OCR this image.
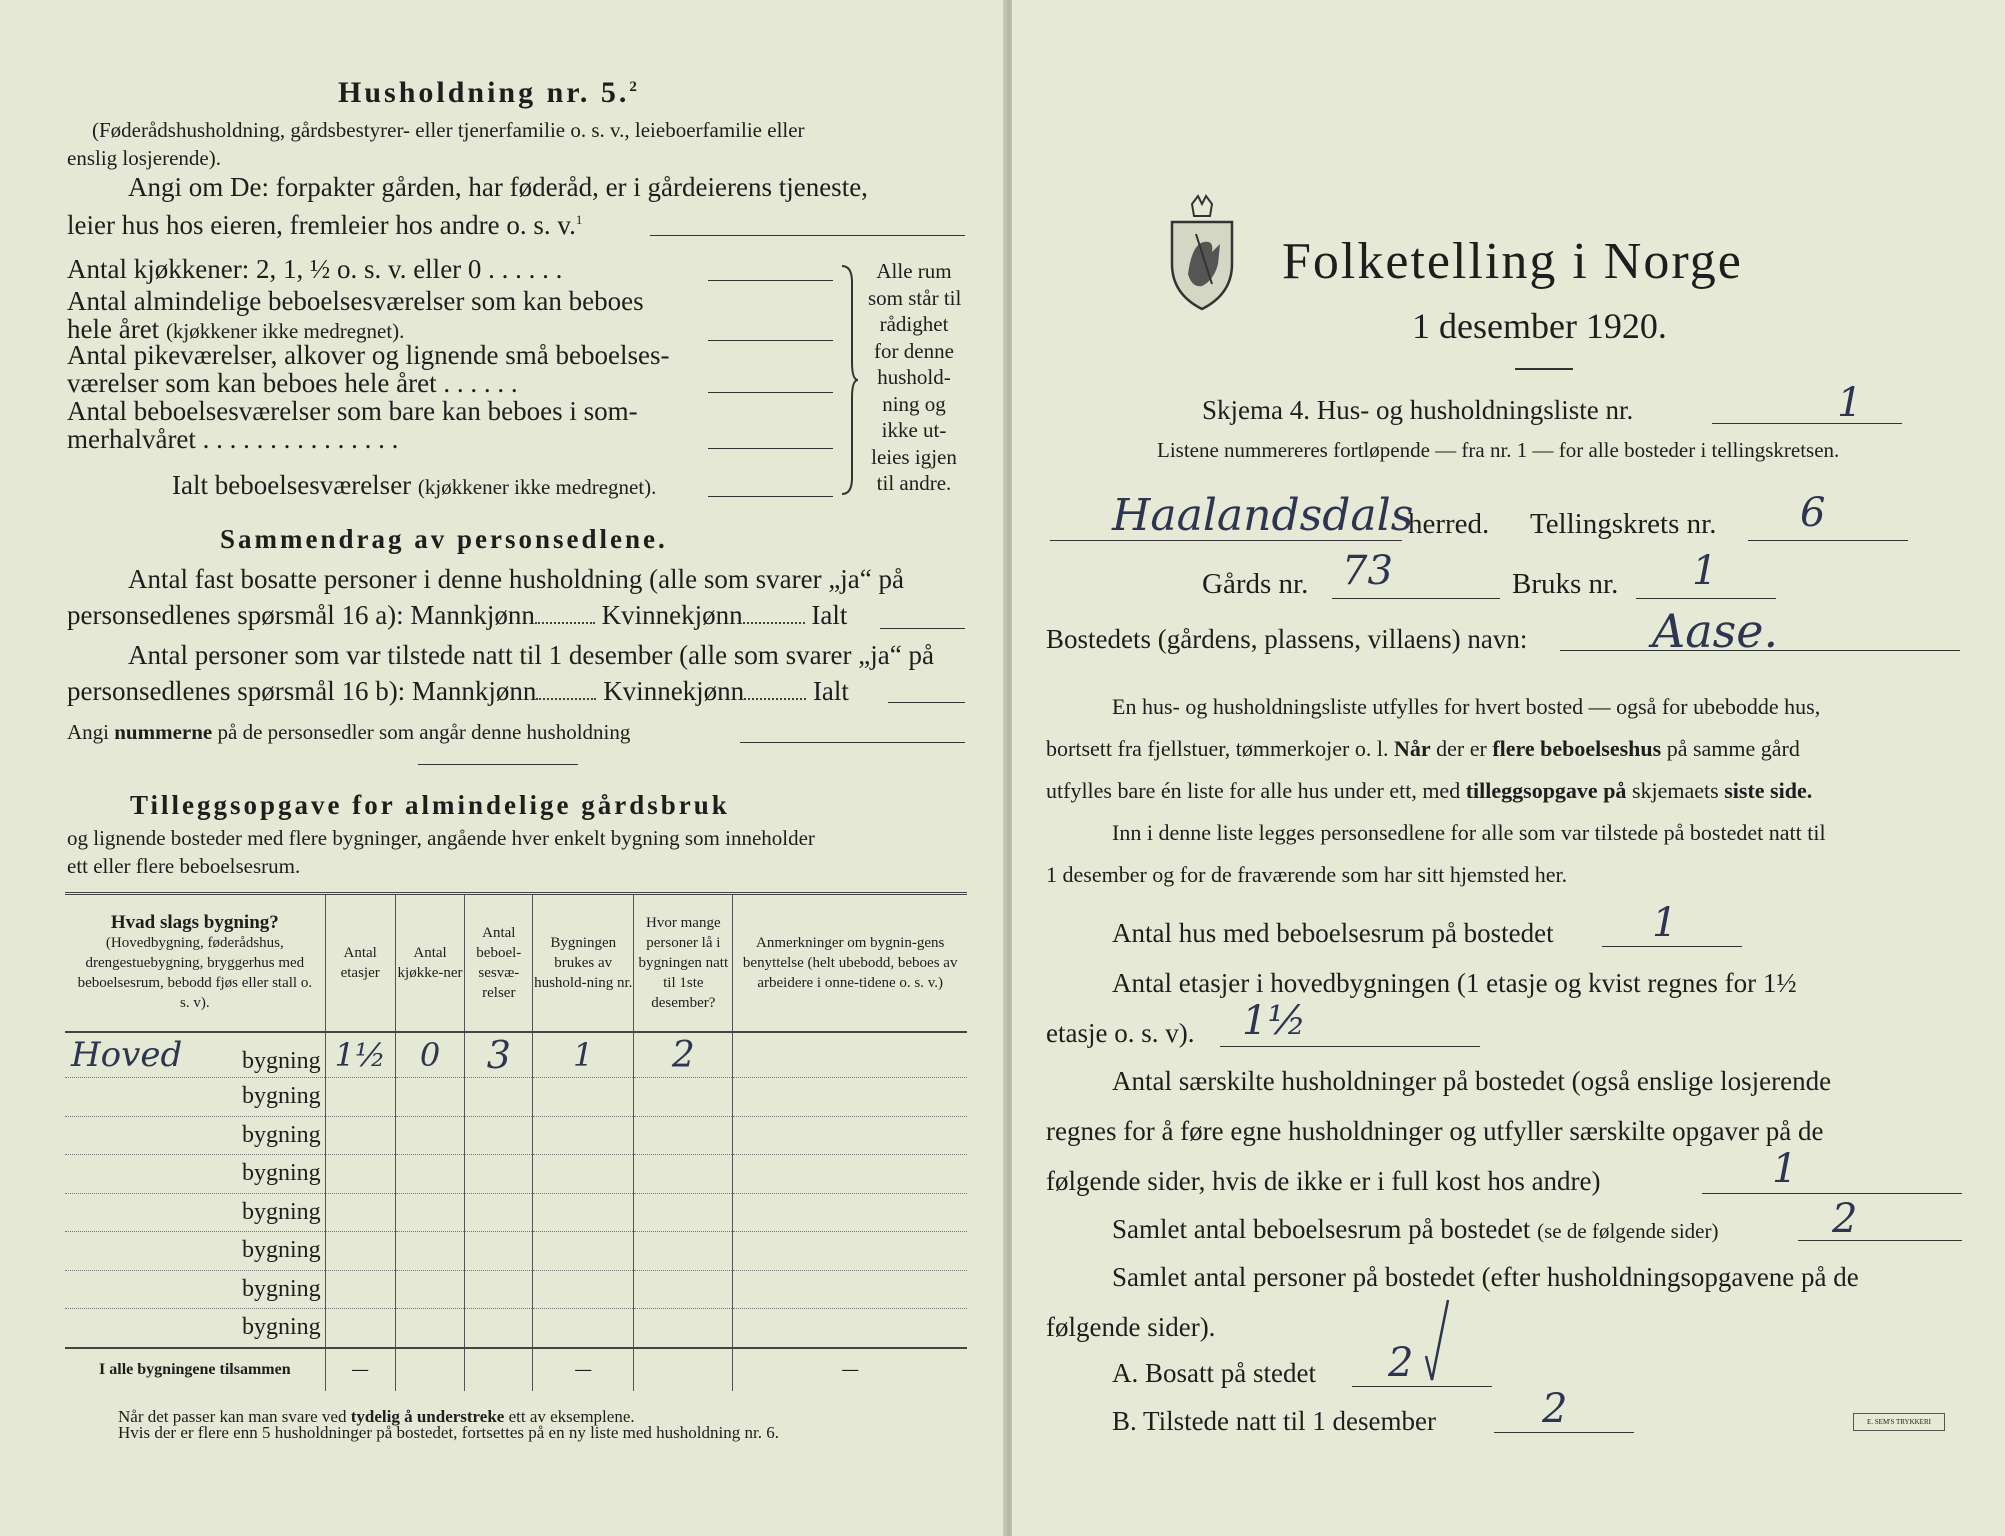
Husholdning nr. 5.$^2$
(Føderådshusholdning, gårdsbestyrer- eller tjenerfamilie o. s. v., leieboerfamilie eller
enslig losjerende).
Angi om De: forpakter gården, har føderåd, er i gårdeierens tjeneste,
leier hus hos eieren, fremleier hos andre o. s. v.$^1$
Antal kjøkkener: 2, 1, ½ o. s. v. eller 0 . . . . . .
Antal almindelige beboelsesværelser som kan beboes
hele året (kjøkkener ikke medregnet).
Antal pikeværelser, alkover og lignende små beboelses-
værelser som kan beboes hele året . . . . . .
Antal beboelsesværelser som bare kan beboes i som-
merhalvåret . . . . . . . . . . . . . . .
Ialt beboelsesværelser (kjøkkener ikke medregnet).
Alle rum
som står til
rådighet
for denne
hushold-
ning og
ikke ut-
leies igjen
til andre.
Sammendrag av personsedlene.
Antal fast bosatte personer i denne husholdning (alle som svarer „ja“ på
personsedlenes spørsmål 16 a): Mannkjønn Kvinnekjønn	Ialt
Antal personer som var tilstede natt til 1 desember (alle som svarer „ja“ på
personsedlenes spørsmål 16 b): Mannkjønn Kvinnekjønn	Ialt
Angi nummerne på de personsedler som angår denne husholdning
Tilleggsopgave for almindelige gårdsbruk
og lignende bosteder med flere bygninger, angående hver enkelt bygning som inneholder
ett eller flere beboelsesrum.
Hvad slags bygning?
(Hovedbygning, føderådshus, drengestuebygning, bryggerhus med beboelsesrum, bebodd fjøs eller stall o. s. v).	Antal etasjer	Antal kjøkke-ner	Antal beboel-sesvæ-relser	Bygningen brukes av hushold-ning nr.	Hvor mange personer lå i bygningen natt til 1ste desember?	Anmerkninger om bygnin-gens benyttelse (helt ubebodd, beboes av arbeidere i onne-tidene o. s. v.)

Hoved bygning	1½	0	3	1	2	

bygning						

bygning						

bygning						

bygning						

bygning						

bygning						

bygning						

I alle bygningene tilsammen	—			—		—
Når det passer kan man svare ved tydelig å understreke ett av eksemplene.
Hvis der er flere enn 5 husholdninger på bostedet, fortsettes på en ny liste med husholdning nr. 6.
Folketelling i Norge
1 desember 1920.
Skjema 4. Hus- og husholdningsliste nr.	1
Listene nummereres fortløpende — fra nr. 1 — for alle bosteder i tellingskretsen.
Haalandsdals
herred. Tellingskrets nr. 6
Gårds nr. 73	Bruks nr. 1
Bostedets (gårdens, plassens, villaens) navn:	Aase.
En hus- og husholdningsliste utfylles for hvert bosted — også for ubebodde hus,
bortsett fra fjellstuer, tømmerkojer o. l. Når der er flere beboelseshus på samme gård
utfylles bare én liste for alle hus under ett, med tilleggsopgave på skjemaets siste side.
Inn i denne liste legges personsedlene for alle som var tilstede på bostedet natt til
1 desember og for de fraværende som har sitt hjemsted her.
Antal hus med beboelsesrum på bostedet 1
Antal etasjer i hovedbygningen (1 etasje og kvist regnes for 1½
etasje o. s. v). 1½
Antal særskilte husholdninger på bostedet (også enslige losjerende
regnes for å føre egne husholdninger og utfyller særskilte opgaver på de
følgende sider, hvis de ikke er i full kost hos andre)	1
Samlet antal beboelsesrum på bostedet (se de følgende sider)	2
Samlet antal personer på bostedet (efter husholdningsopgavene på de
følgende sider).
A. Bosatt på stedet 2
B. Tilstede natt til 1 desember	2	E. SEM'S TRYKKERI
